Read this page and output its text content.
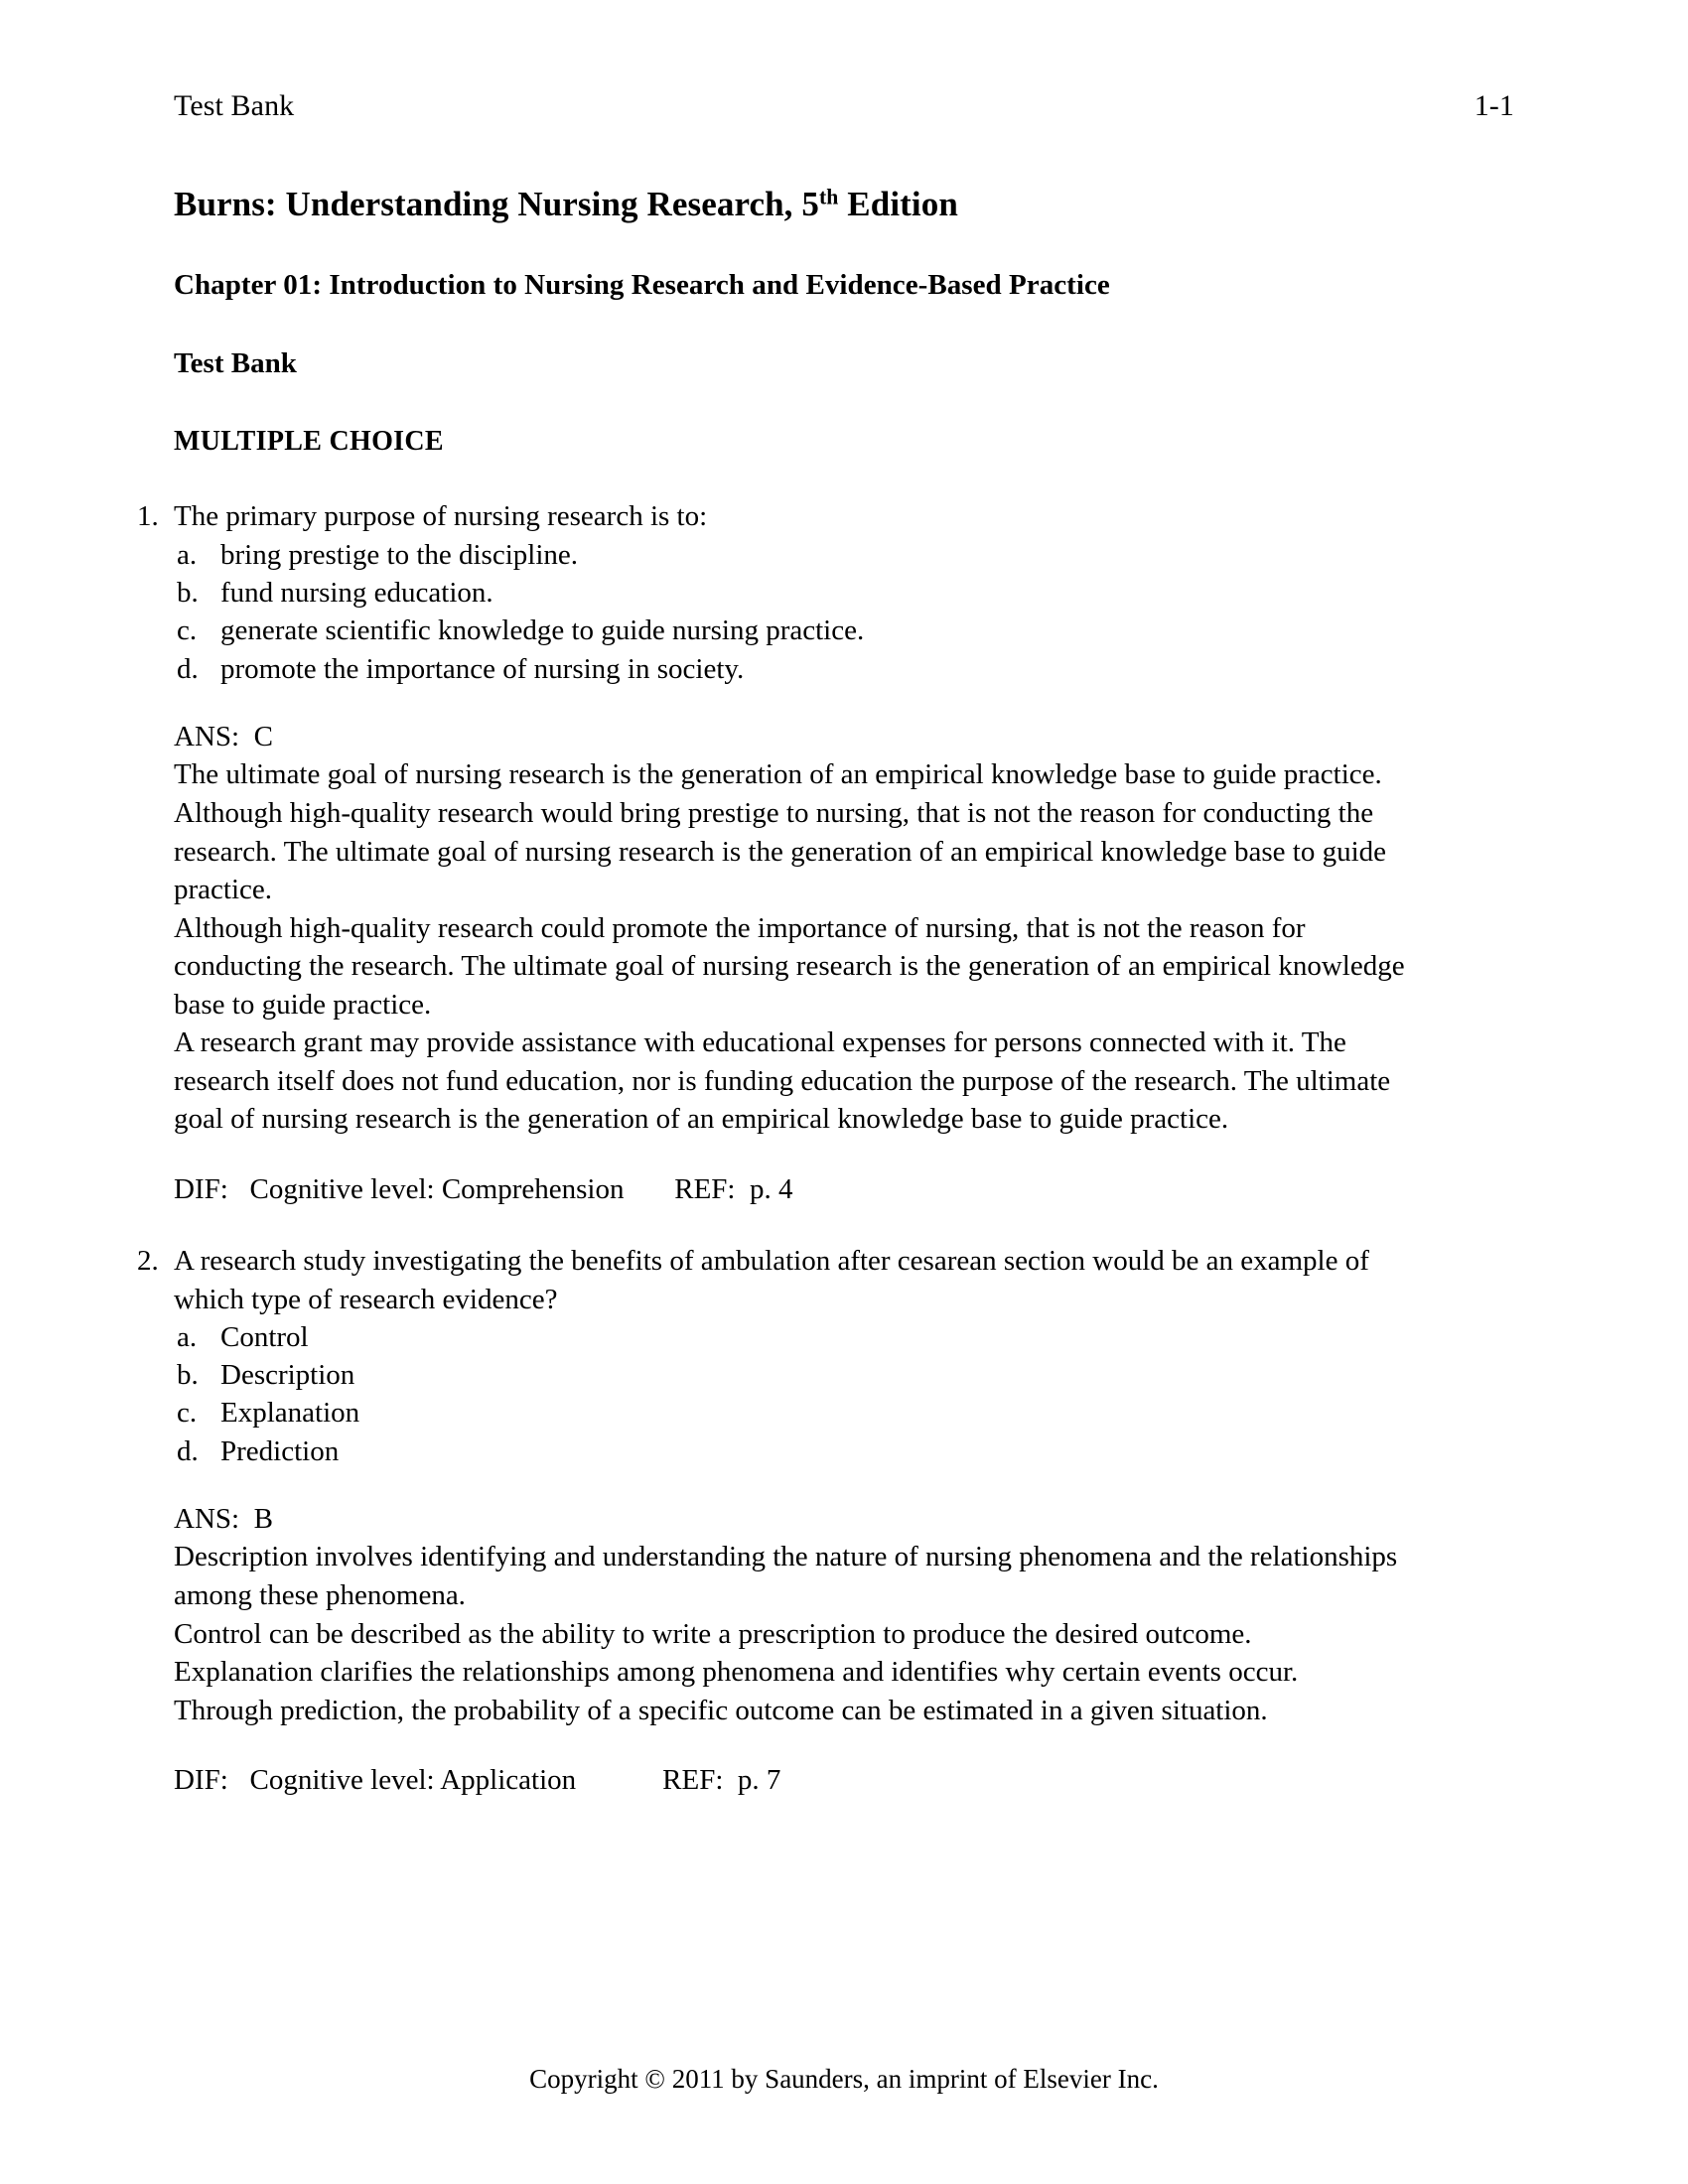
Test Bank	1-1
Burns: Understanding Nursing Research, 5th Edition
Chapter 01: Introduction to Nursing Research and Evidence-Based Practice
Test Bank
MULTIPLE CHOICE
1. The primary purpose of nursing research is to:
a. bring prestige to the discipline.
b. fund nursing education.
c. generate scientific knowledge to guide nursing practice.
d. promote the importance of nursing in society.
ANS:  C
The ultimate goal of nursing research is the generation of an empirical knowledge base to guide practice.
Although high-quality research would bring prestige to nursing, that is not the reason for conducting the research. The ultimate goal of nursing research is the generation of an empirical knowledge base to guide practice.
Although high-quality research could promote the importance of nursing, that is not the reason for conducting the research. The ultimate goal of nursing research is the generation of an empirical knowledge base to guide practice.
A research grant may provide assistance with educational expenses for persons connected with it. The research itself does not fund education, nor is funding education the purpose of the research. The ultimate goal of nursing research is the generation of an empirical knowledge base to guide practice.
DIF:   Cognitive level: Comprehension       REF:  p. 4
2. A research study investigating the benefits of ambulation after cesarean section would be an example of which type of research evidence?
a. Control
b. Description
c. Explanation
d. Prediction
ANS:  B
Description involves identifying and understanding the nature of nursing phenomena and the relationships among these phenomena.
Control can be described as the ability to write a prescription to produce the desired outcome.
Explanation clarifies the relationships among phenomena and identifies why certain events occur.
Through prediction, the probability of a specific outcome can be estimated in a given situation.
DIF:   Cognitive level: Application            REF:  p. 7
Copyright © 2011 by Saunders, an imprint of Elsevier Inc.
